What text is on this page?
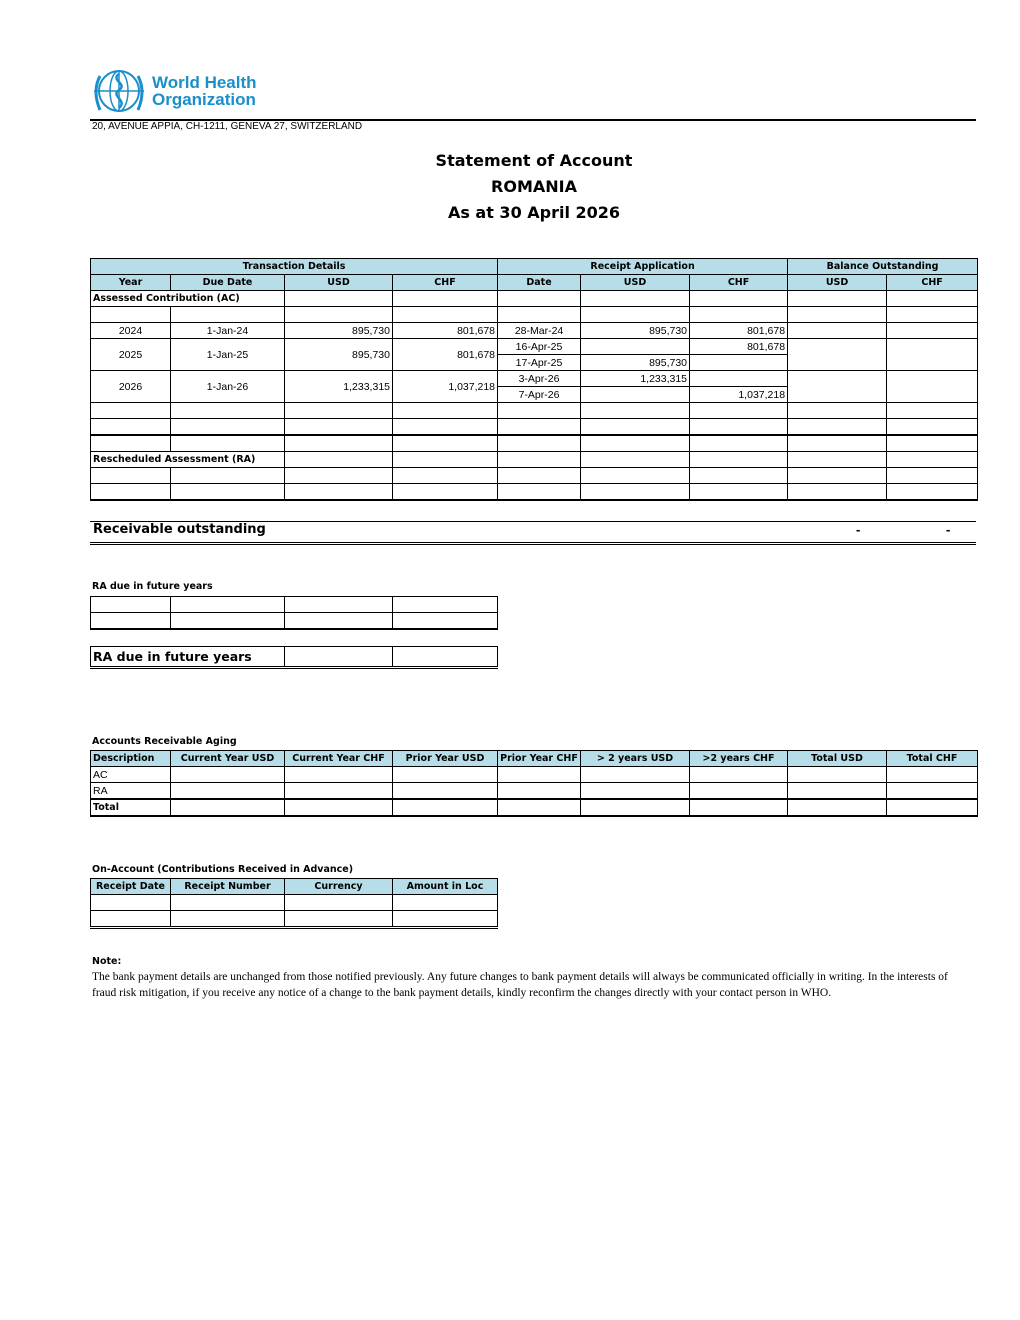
World Health
Organization
20, AVENUE APPIA, CH-1211, GENEVA 27, SWITZERLAND
Statement of Account
ROMANIA
As at 30 April 2026
Transaction Details				Receipt Application			Balance Outstanding	
Year	Due Date	USD	CHF	Date	USD	CHF	USD	CHF
Assessed Contribution (AC)								

2024	1-Jan-24	895,730	801,678	28-Mar-24	895,730	801,678		
2025	1-Jan-25	895,730	801,678	16-Apr-25		801,678		
				17-Apr-25	895,730			
2026	1-Jan-26	1,233,315	1,037,218	3-Apr-26	1,233,315			
				7-Apr-26		1,037,218		

Rescheduled Assessment (RA)								

Receivable outstanding	-	-
RA due in future years

RA due in future years		
Accounts Receivable Aging
Description	Current Year USD	Current Year CHF	Prior Year USD	Prior Year CHF	> 2 years USD	>2 years CHF	Total USD	Total CHF
AC								
RA								
Total								
On-Account (Contributions Received in Advance)
Receipt Date	Receipt Number	Currency	Amount in Loc

Note:
The bank payment details are unchanged from those notified previously. Any future changes to bank payment details will always be communicated officially in writing. In the interests of fraud risk mitigation, if you receive any notice of a change to the bank payment details, kindly reconfirm the changes directly with your contact person in WHO.
